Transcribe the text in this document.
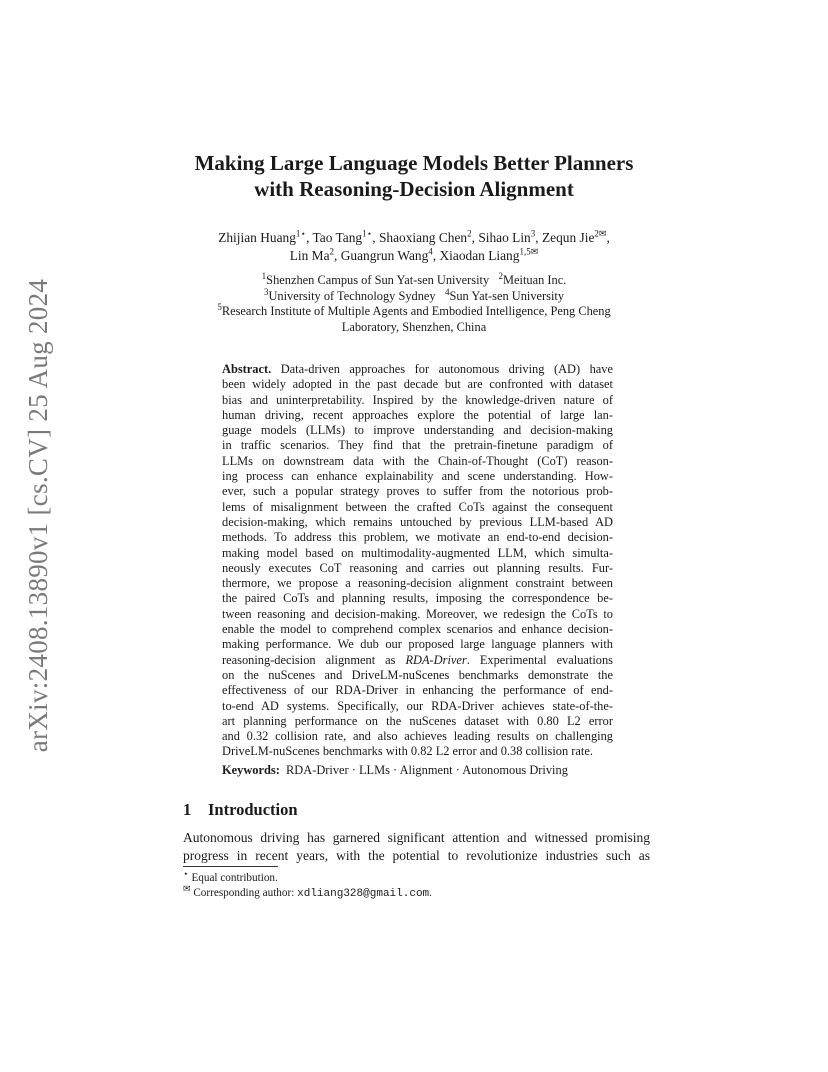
arXiv:2408.13890v1 [cs.CV] 25 Aug 2024
Making Large Language Models Better Planners
with Reasoning-Decision Alignment
Zhijian Huang$^{1⋆}$, Tao Tang$^{1⋆}$, Shaoxiang Chen$^2$, Sihao Lin$^3$, Zequn Jie$^{2✉}$,
Lin Ma$^2$, Guangrun Wang$^4$, Xiaodan Liang$^{1,5✉}$
$^1$Shenzhen Campus of Sun Yat-sen University $^2$Meituan Inc.
$^3$University of Technology Sydney $^4$Sun Yat-sen University
$^5$Research Institute of Multiple Agents and Embodied Intelligence, Peng Cheng
Laboratory, Shenzhen, China
Abstract. Data-driven approaches for autonomous driving (AD) have
been widely adopted in the past decade but are confronted with dataset
bias and uninterpretability. Inspired by the knowledge-driven nature of
human driving, recent approaches explore the potential of large lan-
guage models (LLMs) to improve understanding and decision-making
in traffic scenarios. They find that the pretrain-finetune paradigm of
LLMs on downstream data with the Chain-of-Thought (CoT) reason-
ing process can enhance explainability and scene understanding. How-
ever, such a popular strategy proves to suffer from the notorious prob-
lems of misalignment between the crafted CoTs against the consequent
decision-making, which remains untouched by previous LLM-based AD
methods. To address this problem, we motivate an end-to-end decision-
making model based on multimodality-augmented LLM, which simulta-
neously executes CoT reasoning and carries out planning results. Fur-
thermore, we propose a reasoning-decision alignment constraint between
the paired CoTs and planning results, imposing the correspondence be-
tween reasoning and decision-making. Moreover, we redesign the CoTs to
enable the model to comprehend complex scenarios and enhance decision-
making performance. We dub our proposed large language planners with
reasoning-decision alignment as RDA-Driver. Experimental evaluations
on the nuScenes and DriveLM-nuScenes benchmarks demonstrate the
effectiveness of our RDA-Driver in enhancing the performance of end-
to-end AD systems. Specifically, our RDA-Driver achieves state-of-the-
art planning performance on the nuScenes dataset with 0.80 L2 error
and 0.32 collision rate, and also achieves leading results on challenging
DriveLM-nuScenes benchmarks with 0.82 L2 error and 0.38 collision rate.
Keywords: RDA-Driver · LLMs · Alignment · Autonomous Driving
1 Introduction
Autonomous driving has garnered significant attention and witnessed promising
progress in recent years, with the potential to revolutionize industries such as
⋆ Equal contribution.
✉ Corresponding author: xdliang328@gmail.com.
